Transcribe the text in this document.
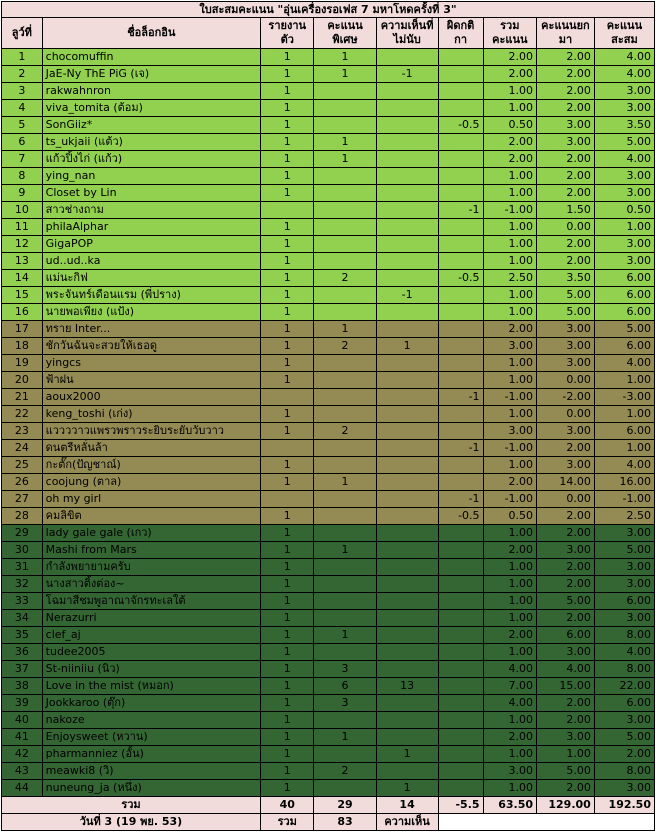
ใบสะสมคะแนน "อุ่นเครื่องรอเฟส 7 มหาโหดครั้งที่ 3"								
ลูว์ที่	ชื่อล็อกอิน	รายงานตัว	คะแนนพิเศษ	ความเห็นที่ไม่นับ	ผิดกติกา	รวมคะแนน	คะแนนยกมา	คะแนนสะสม
1	chocomuffin	1	1			2.00	2.00	4.00
2	JaE-Ny ThE PiG (เจ)	1	1	-1		2.00	2.00	4.00
3	rakwahnron	1				1.00	2.00	3.00
4	viva_tomita (ต้อม)	1				1.00	2.00	3.00
5	SonGiiz*	1			-0.5	0.50	3.00	3.50
6	ts_ukjaii (แต้ว)	1	1			2.00	3.00	5.00
7	แก้วปิ้งไก่ (แก้ว)	1	1			2.00	2.00	4.00
8	ying_nan	1				1.00	2.00	3.00
9	Closet by Lin	1				1.00	2.00	3.00
10	สาวช่างถาม				-1	-1.00	1.50	0.50
11	philaAlphar	1				1.00	0.00	1.00
12	GigaPOP	1				1.00	2.00	3.00
13	ud..ud..ka	1				1.00	2.00	3.00
14	แม่นะกิฟ	1	2		-0.5	2.50	3.50	6.00
15	พระจันทร์เดือนแรม (พี่ปราง)	1		-1		1.00	5.00	6.00
16	นายพอเพียง (แป้ง)	1				1.00	5.00	6.00
17	ทราย Inter...	1	1			2.00	3.00	5.00
18	ชักวันฉันจะสวยให้เธอดู	1	2	1		3.00	3.00	6.00
19	yingcs	1				1.00	3.00	4.00
20	ฟ้าฝน	1				1.00	0.00	1.00
21	aoux2000				-1	-1.00	-2.00	-3.00
22	keng_toshi (เก่ง)	1				1.00	0.00	1.00
23	แววววาวแพรวพราวระยิบระยับวับวาว	1	2			3.00	3.00	6.00
24	ดนตรีหลั่นล้า				-1	-1.00	2.00	1.00
25	กะตั๊ก(ปัญชาณ์)	1				1.00	3.00	4.00
26	coojung (ตาล)	1	1			2.00	14.00	16.00
27	oh my girl				-1	-1.00	0.00	-1.00
28	คมลิขิต	1			-0.5	0.50	2.00	2.50
29	lady gale gale (เกว)	1				1.00	2.00	3.00
30	Mashi from Mars	1	1			2.00	3.00	5.00
31	กำลังพยายามครับ	1				1.00	2.00	3.00
32	นางสาวติ้งต่อง~	1				1.00	2.00	3.00
33	โฉมาสีชมพูอาณาจักรทะเลใต้	1				1.00	5.00	6.00
34	Nerazurri	1				1.00	2.00	3.00
35	clef_aj	1	1			2.00	6.00	8.00
36	tudee2005	1				1.00	3.00	4.00
37	St-niiniiu (นิว)	1	3			4.00	4.00	8.00
38	Love in the mist (หมอก)	1	6	13		7.00	15.00	22.00
39	Jookkaroo (ตุ๊ก)	1	3			4.00	2.00	6.00
40	nakoze	1				1.00	2.00	3.00
41	Enjoysweet (หวาน)	1	1			2.00	3.00	5.00
42	pharmanniez (อั้น)	1		1		1.00	1.00	2.00
43	meawki8 (วิ)	1	2			3.00	5.00	8.00
44	nuneung_ja (หนึ่ง)	1		1		1.00	2.00	3.00
รวม		40	29	14	-5.5	63.50	129.00	192.50
วันที่ 3 (19 พย. 53)		รวม	83	ความเห็น				
